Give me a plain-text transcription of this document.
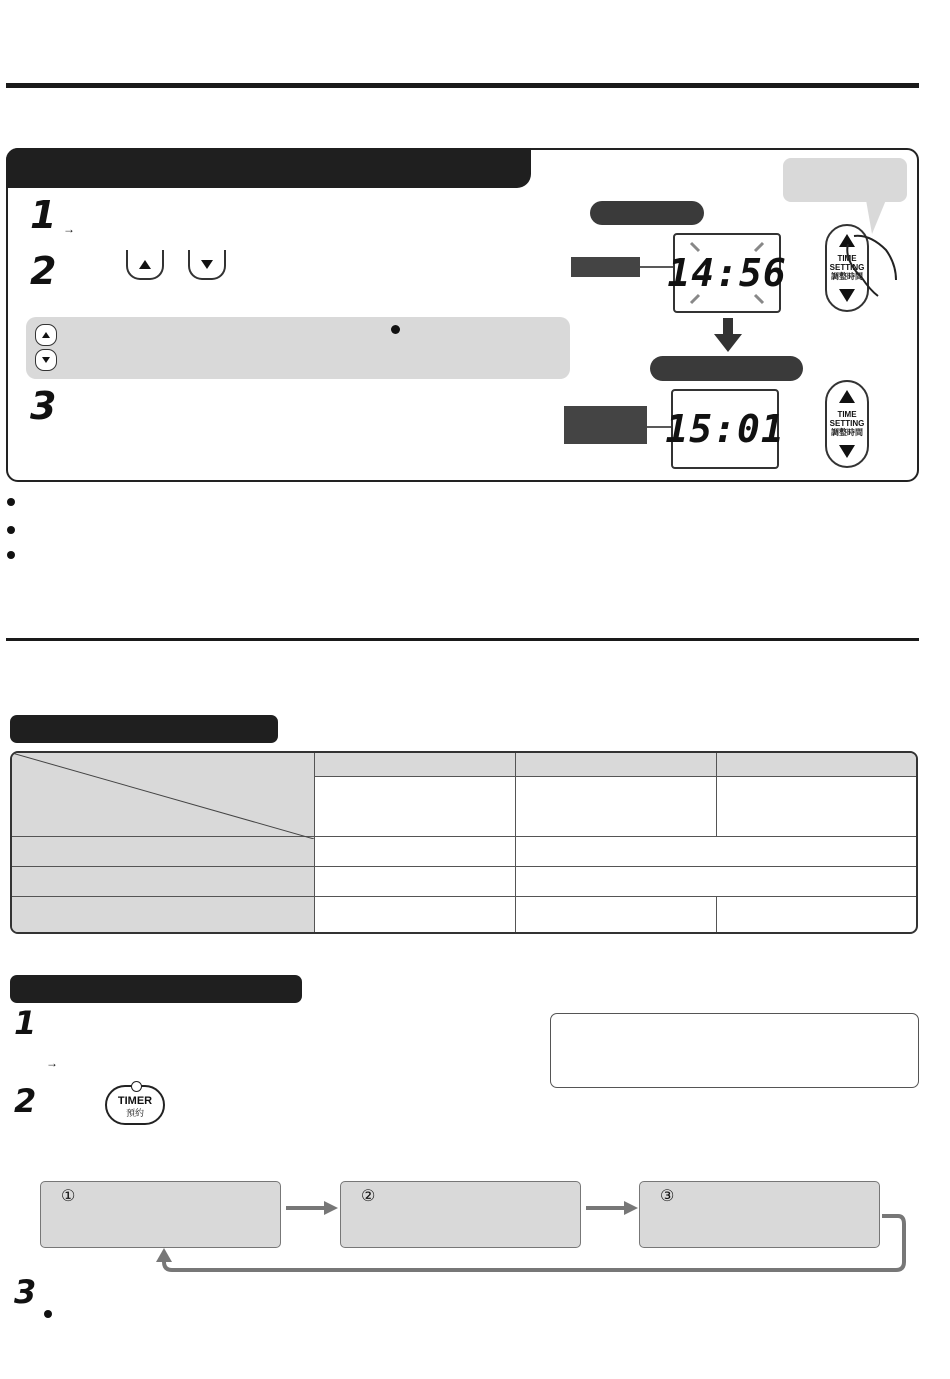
1 →
2
3
14:56
15:01
TIME
SETTING
調整時間
TIME
SETTING
調整時間

1
→
2	TIMER
預約
①	②	③
3
